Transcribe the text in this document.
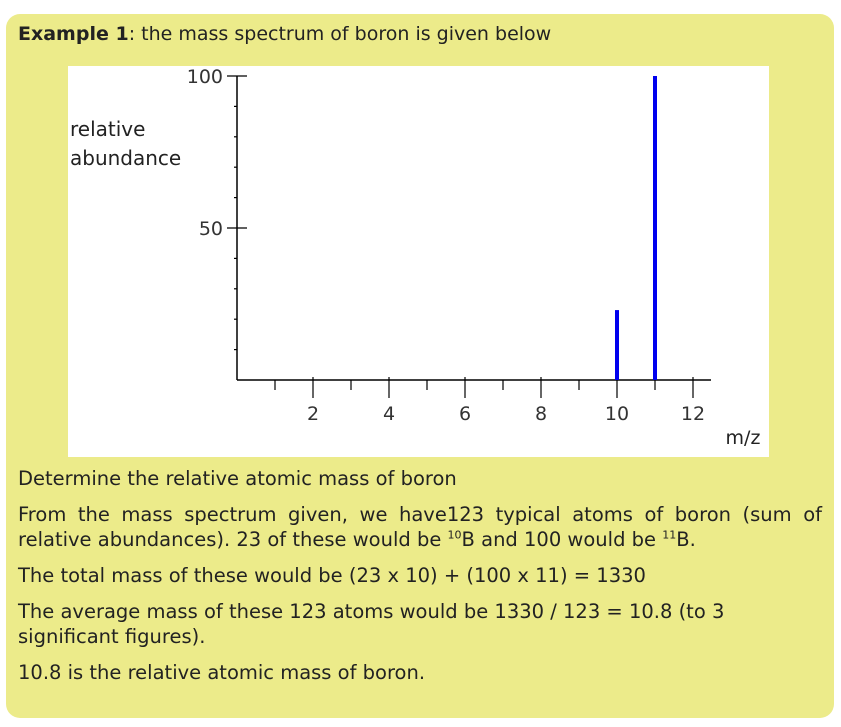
Example 1: the mass spectrum of boron is given below
50
100
relative
abundance
2	4	6	8	10	12
m/z

Determine the relative atomic mass of boron

From the mass spectrum given, we have123 typical atoms of boron (sum of relative abundances). 23 of these would be $^{10}$B and 100 would be $^{11}$B.

The total mass of these would be (23 x 10) + (100 x 11) = 1330

The average mass of these 123 atoms would be 1330 / 123 = 10.8 (to 3 significant figures).

10.8 is the relative atomic mass of boron.
